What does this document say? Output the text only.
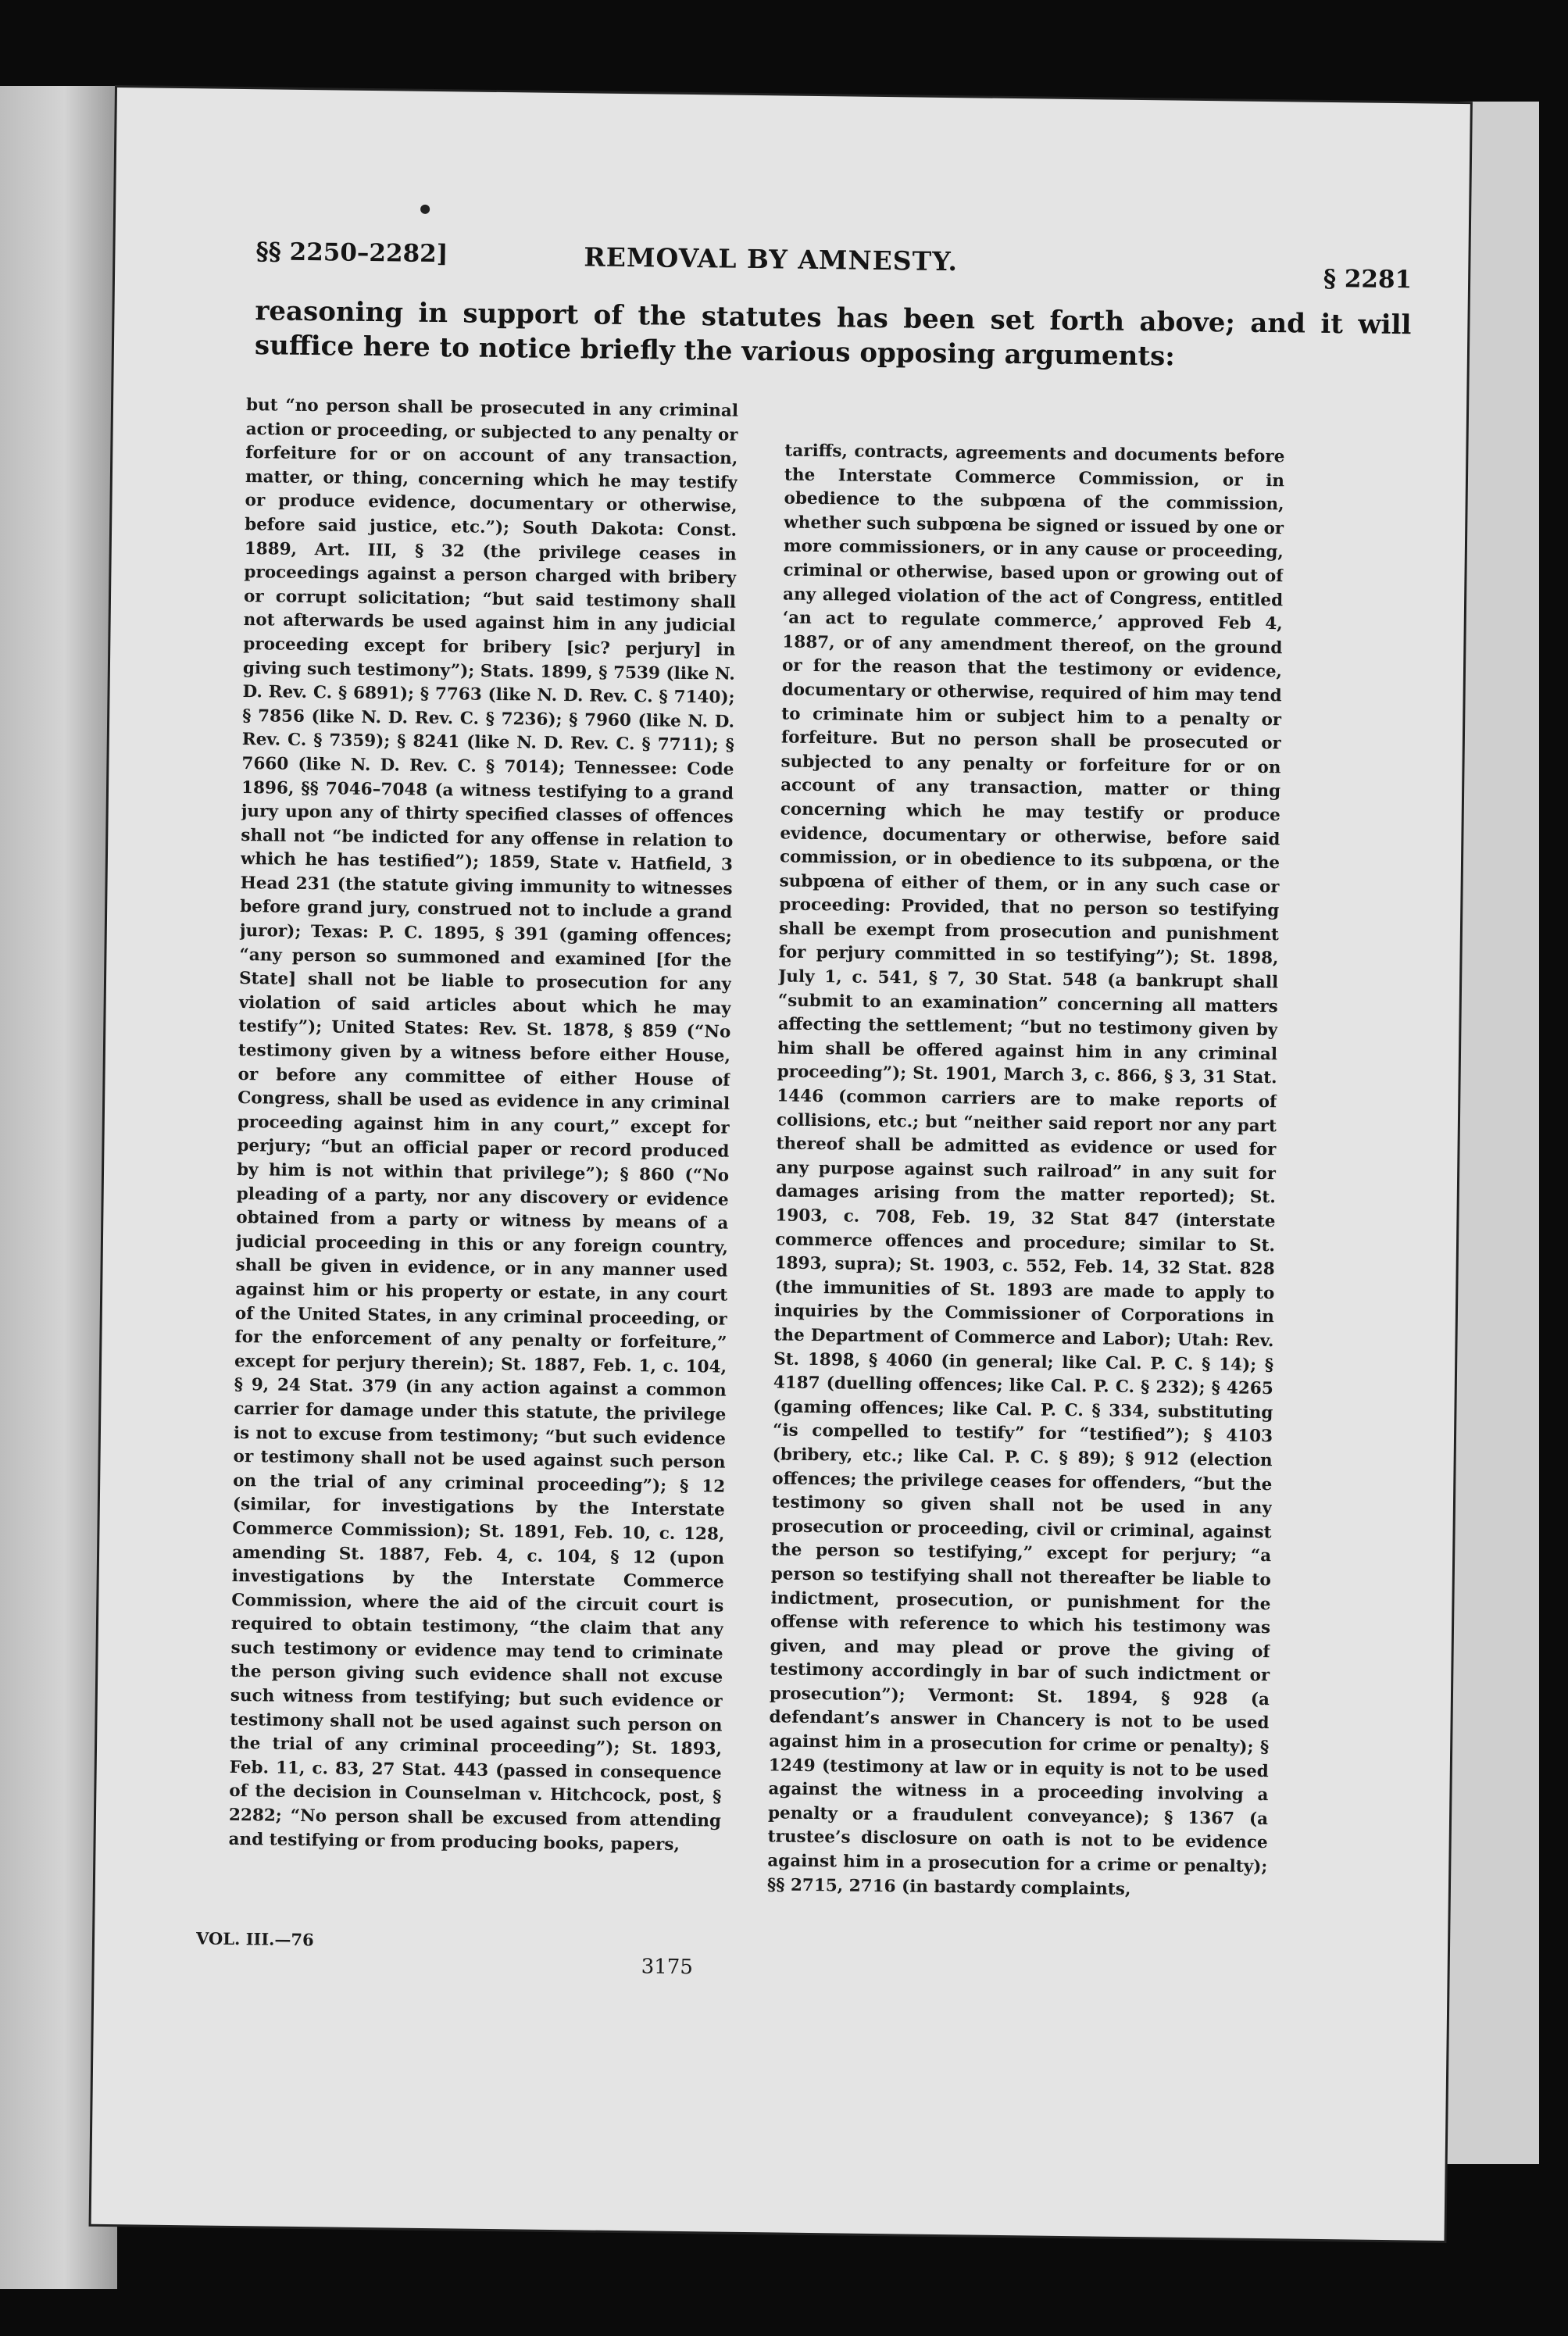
§§ 2250–2282]	REMOVAL BY AMNESTY.
§ 2281
reasoning in support of the statutes has been set forth above; and it will suffice here to notice briefly the various opposing arguments:
but “no person shall be prosecuted in any criminal action or proceeding, or subjected to any penalty or forfeiture for or on account of any transaction, matter, or thing, concerning which he may testify or produce evidence, documentary or otherwise, before said justice, etc.”); South Dakota: Const. 1889, Art. III, § 32 (the privilege ceases in proceedings against a person charged with bribery or corrupt solicitation; “but said testimony shall not afterwards be used against him in any judicial proceeding except for bribery [sic? perjury] in giving such testimony”); Stats. 1899, § 7539 (like N. D. Rev. C. § 6891); § 7763 (like N. D. Rev. C. § 7140); § 7856 (like N. D. Rev. C. § 7236); § 7960 (like N. D. Rev. C. § 7359); § 8241 (like N. D. Rev. C. § 7711); § 7660 (like N. D. Rev. C. § 7014); Tennessee: Code 1896, §§ 7046–7048 (a witness testifying to a grand jury upon any of thirty specified classes of offences shall not “be indicted for any offense in relation to which he has testified”); 1859, State v. Hatfield, 3 Head 231 (the statute giving immunity to witnesses before grand jury, construed not to include a grand juror); Texas: P. C. 1895, § 391 (gaming offences; “any person so summoned and examined [for the State] shall not be liable to prosecution for any violation of said articles about which he may testify”); United States: Rev. St. 1878, § 859 (“No testimony given by a witness before either House, or before any committee of either House of Congress, shall be used as evidence in any criminal proceeding against him in any court,” except for perjury; “but an official paper or record produced by him is not within that privilege”); § 860 (“No pleading of a party, nor any discovery or evidence obtained from a party or witness by means of a judicial proceeding in this or any foreign country, shall be given in evidence, or in any manner used against him or his property or estate, in any court of the United States, in any criminal proceeding, or for the enforcement of any penalty or forfeiture,” except for perjury therein); St. 1887, Feb. 1, c. 104, § 9, 24 Stat. 379 (in any action against a common carrier for damage under this statute, the privilege is not to excuse from testimony; “but such evidence or testimony shall not be used against such person on the trial of any criminal proceeding”); § 12 (similar, for investigations by the Interstate Commerce Commission); St. 1891, Feb. 10, c. 128, amending St. 1887, Feb. 4, c. 104, § 12 (upon investigations by the Interstate Commerce Commission, where the aid of the circuit court is required to obtain testimony, “the claim that any such testimony or evidence may tend to criminate the person giving such evidence shall not excuse such witness from testifying; but such evidence or testimony shall not be used against such person on the trial of any criminal proceeding”); St. 1893, Feb. 11, c. 83, 27 Stat. 443 (passed in consequence of the decision in Counselman v. Hitchcock, post, § 2282; “No person shall be excused from attending and testifying or from producing books, papers,
tariffs, contracts, agreements and documents before the Interstate Commerce Commission, or in obedience to the subpœna of the commission, whether such subpœna be signed or issued by one or more commissioners, or in any cause or proceeding, criminal or otherwise, based upon or growing out of any alleged violation of the act of Congress, entitled ‘an act to regulate commerce,’ approved Feb 4, 1887, or of any amendment thereof, on the ground or for the reason that the testimony or evidence, documentary or otherwise, required of him may tend to criminate him or subject him to a penalty or forfeiture. But no person shall be prosecuted or subjected to any penalty or forfeiture for or on account of any transaction, matter or thing concerning which he may testify or produce evidence, documentary or otherwise, before said commission, or in obedience to its subpœna, or the subpœna of either of them, or in any such case or proceeding: Provided, that no person so testifying shall be exempt from prosecution and punishment for perjury committed in so testifying”); St. 1898, July 1, c. 541, § 7, 30 Stat. 548 (a bankrupt shall “submit to an examination” concerning all matters affecting the settlement; “but no testimony given by him shall be offered against him in any criminal proceeding”); St. 1901, March 3, c. 866, § 3, 31 Stat. 1446 (common carriers are to make reports of collisions, etc.; but “neither said report nor any part thereof shall be admitted as evidence or used for any purpose against such railroad” in any suit for damages arising from the matter reported); St. 1903, c. 708, Feb. 19, 32 Stat 847 (interstate commerce offences and procedure; similar to St. 1893, supra); St. 1903, c. 552, Feb. 14, 32 Stat. 828 (the immunities of St. 1893 are made to apply to inquiries by the Commissioner of Corporations in the Department of Commerce and Labor); Utah: Rev. St. 1898, § 4060 (in general; like Cal. P. C. § 14); § 4187 (duelling offences; like Cal. P. C. § 232); § 4265 (gaming offences; like Cal. P. C. § 334, substituting “is compelled to testify” for “testified”); § 4103 (bribery, etc.; like Cal. P. C. § 89); § 912 (election offences; the privilege ceases for offenders, “but the testimony so given shall not be used in any prosecution or proceeding, civil or criminal, against the person so testifying,” except for perjury; “a person so testifying shall not thereafter be liable to indictment, prosecution, or punishment for the offense with reference to which his testimony was given, and may plead or prove the giving of testimony accordingly in bar of such indictment or prosecution”); Vermont: St. 1894, § 928 (a defendant’s answer in Chancery is not to be used against him in a prosecution for crime or penalty); § 1249 (testimony at law or in equity is not to be used against the witness in a proceeding involving a penalty or a fraudulent conveyance); § 1367 (a trustee’s disclosure on oath is not to be evidence against him in a prosecution for a crime or penalty); §§ 2715, 2716 (in bastardy complaints,
VOL. III.—76
3175
